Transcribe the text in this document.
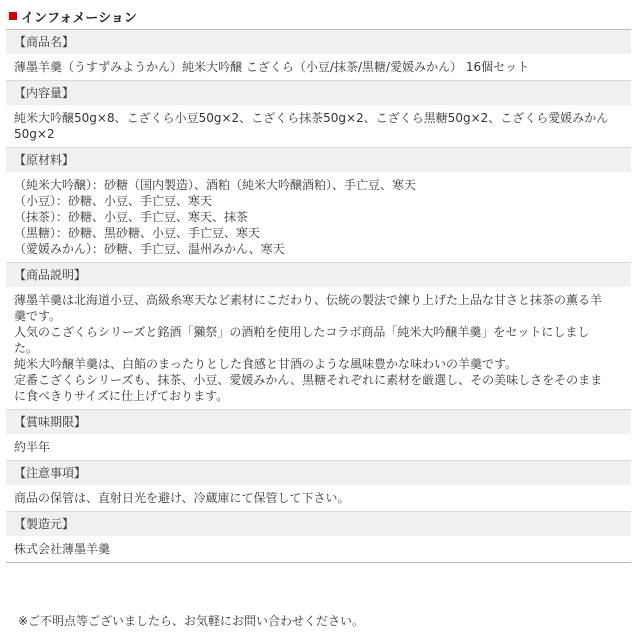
インフォメーション
【商品名】
薄墨羊羹（うすずみようかん）純米大吟醸 こざくら（小豆/抹茶/黒糖/愛媛みかん） 16個セット
【内容量】
純米大吟醸50g×8、こざくら小豆50g×2、こざくら抹茶50g×2、こざくら黒糖50g×2、こざくら愛媛みかん
50g×2
【原材料】
（純米大吟醸）：砂糖（国内製造）、酒粕（純米大吟醸酒粕）、手亡豆、寒天
（小豆）：砂糖、小豆、手亡豆、寒天
（抹茶）：砂糖、小豆、手亡豆、寒天、抹茶
（黒糖）：砂糖、黒砂糖、小豆、手亡豆、寒天
（愛媛みかん）：砂糖、手亡豆、温州みかん、寒天
【商品説明】
薄墨羊羹は北海道小豆、高級糸寒天など素材にこだわり、伝統の製法で練り上げた上品な甘さと抹茶の薫る羊
羹です。
人気のこざくらシリーズと銘酒「獺祭」の酒粕を使用したコラボ商品「純米大吟醸羊羹」をセットにしまし
た。
純米大吟醸羊羹は、白餡のまったりとした食感と甘酒のような風味豊かな味わいの羊羹です。
定番こざくらシリーズも、抹茶、小豆、愛媛みかん、黒糖それぞれに素材を厳選し、その美味しさをそのまま
に食べきりサイズに仕上げております。
【賞味期限】
約半年
【注意事項】
商品の保管は、直射日光を避け、冷蔵庫にて保管して下さい。
【製造元】
株式会社薄墨羊羹
※ご不明点等ございましたら、お気軽にお問い合わせください。
